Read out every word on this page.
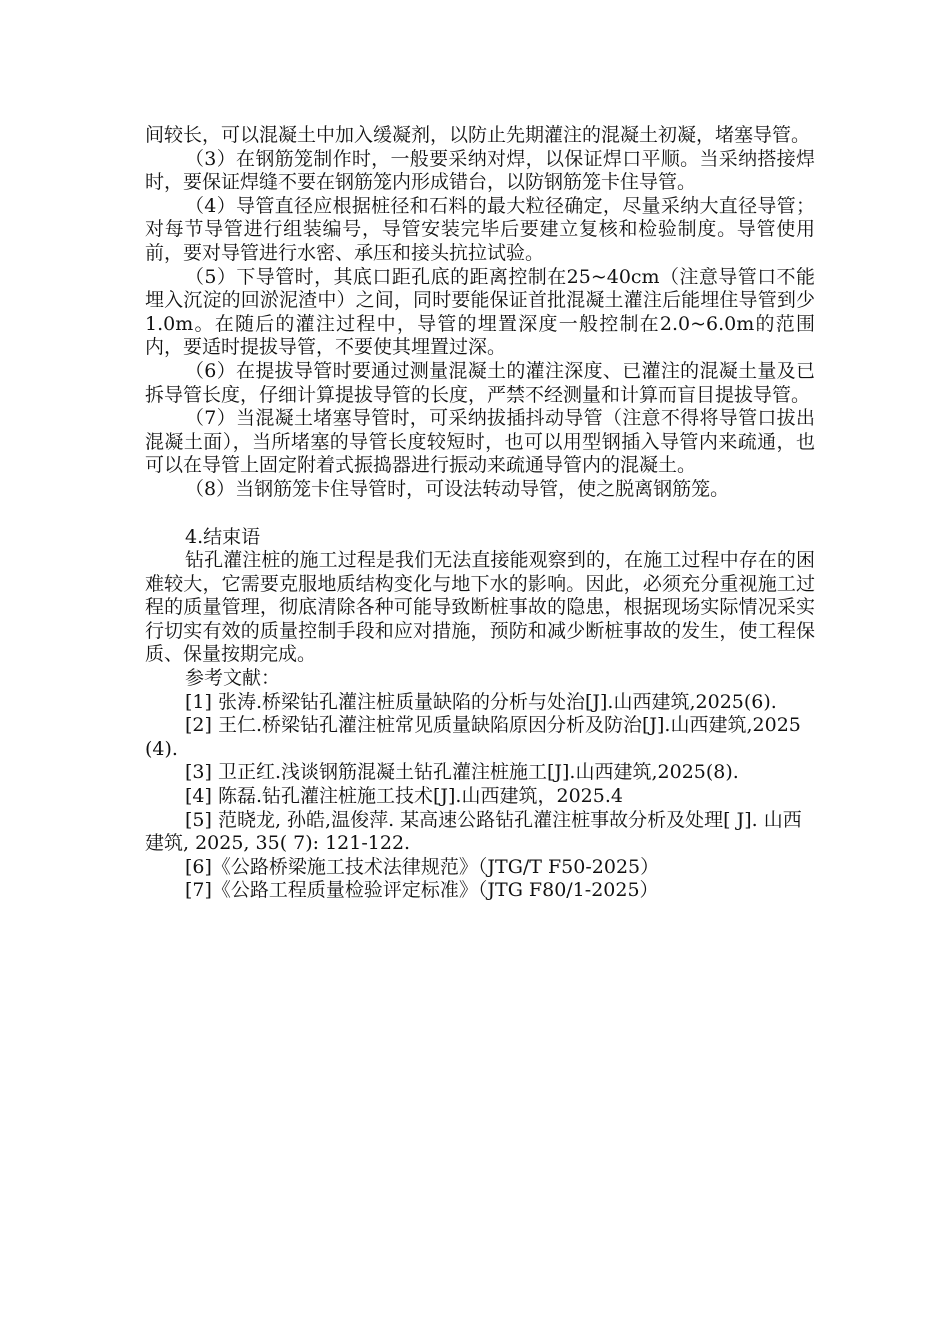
间较长，可以混凝土中加入缓凝剂，以防止先期灌注的混凝土初凝，堵塞导管。

（3）在钢筋笼制作时，一般要采纳对焊，以保证焊口平顺。当采纳搭接焊时，要保证焊缝不要在钢筋笼内形成错台，以防钢筋笼卡住导管。

（4）导管直径应根据桩径和石料的最大粒径确定，尽量采纳大直径导管；对每节导管进行组装编号，导管安装完毕后要建立复核和检验制度。导管使用前，要对导管进行水密、承压和接头抗拉试验。

（5）下导管时，其底口距孔底的距离控制在25~40cm（注意导管口不能埋入沉淀的回淤泥渣中）之间，同时要能保证首批混凝土灌注后能埋住导管到少1.0m。在随后的灌注过程中，导管的埋置深度一般控制在2.0~6.0m的范围内，要适时提拔导管，不要使其埋置过深。

（6）在提拔导管时要通过测量混凝土的灌注深度、已灌注的混凝土量及已拆导管长度，仔细计算提拔导管的长度，严禁不经测量和计算而盲目提拔导管。

（7）当混凝土堵塞导管时，可采纳拔插抖动导管（注意不得将导管口拔出混凝土面），当所堵塞的导管长度较短时，也可以用型钢插入导管内来疏通，也可以在导管上固定附着式振捣器进行振动来疏通导管内的混凝土。

（8）当钢筋笼卡住导管时，可设法转动导管，使之脱离钢筋笼。

4.结束语

钻孔灌注桩的施工过程是我们无法直接能观察到的，在施工过程中存在的困难较大，它需要克服地质结构变化与地下水的影响。因此，必须充分重视施工过程的质量管理，彻底清除各种可能导致断桩事故的隐患，根据现场实际情况采实行切实有效的质量控制手段和应对措施，预防和减少断桩事故的发生，使工程保质、保量按期完成。

参考文献：

[1] 张涛.桥梁钻孔灌注桩质量缺陷的分析与处治[J].山西建筑,2025(6).

[2] 王仁.桥梁钻孔灌注桩常见质量缺陷原因分析及防治[J].山西建筑,2025(4).

[3] 卫正红.浅谈钢筋混凝土钻孔灌注桩施工[J].山西建筑,2025(8).

[4] 陈磊.钻孔灌注桩施工技术[J].山西建筑，2025.4

[5] 范晓龙, 孙皓,温俊萍. 某高速公路钻孔灌注桩事故分析及处理[ J]. 山西建筑, 2025, 35( 7): 121-122.

[6]《公路桥梁施工技术法律规范》（JTG/T F50-2025）

[7]《公路工程质量检验评定标准》（JTG F80/1-2025）
